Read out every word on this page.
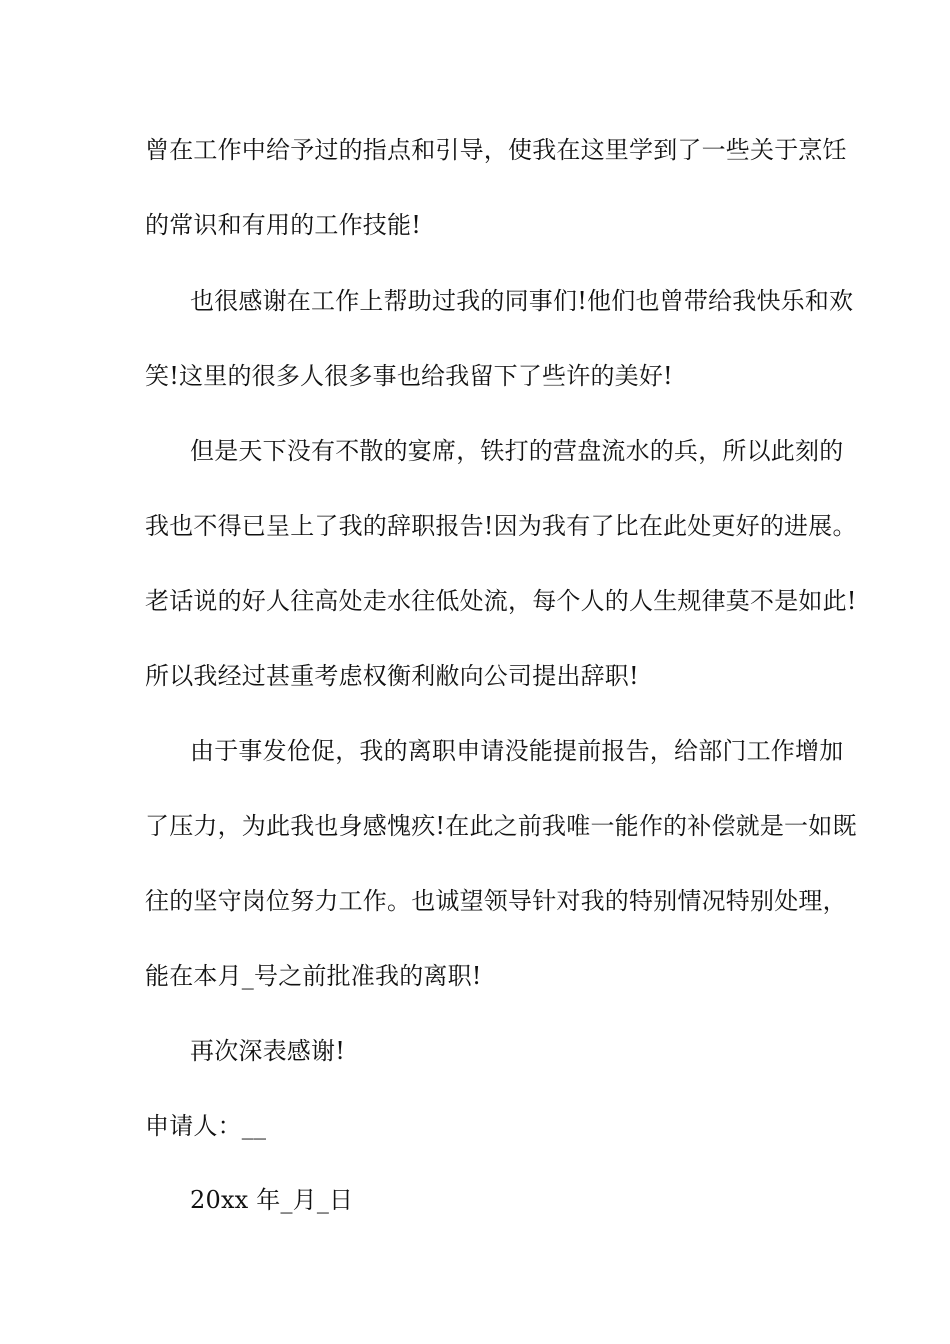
曾在工作中给予过的指点和引导，使我在这里学到了一些关于烹饪
的常识和有用的工作技能!
也很感谢在工作上帮助过我的同事们!他们也曾带给我快乐和欢
笑!这里的很多人很多事也给我留下了些许的美好!
但是天下没有不散的宴席，铁打的营盘流水的兵，所以此刻的
我也不得已呈上了我的辞职报告!因为我有了比在此处更好的进展。
老话说的好人往高处走水往低处流，每个人的人生规律莫不是如此!
所以我经过甚重考虑权衡利敝向公司提出辞职!
由于事发伧促，我的离职申请没能提前报告，给部门工作增加
了压力，为此我也身感愧疚!在此之前我唯一能作的补偿就是一如既
往的坚守岗位努力工作。也诚望领导针对我的特别情况特别处理，
能在本月_号之前批准我的离职!
再次深表感谢!
申请人：__
20xx 年_月_日
